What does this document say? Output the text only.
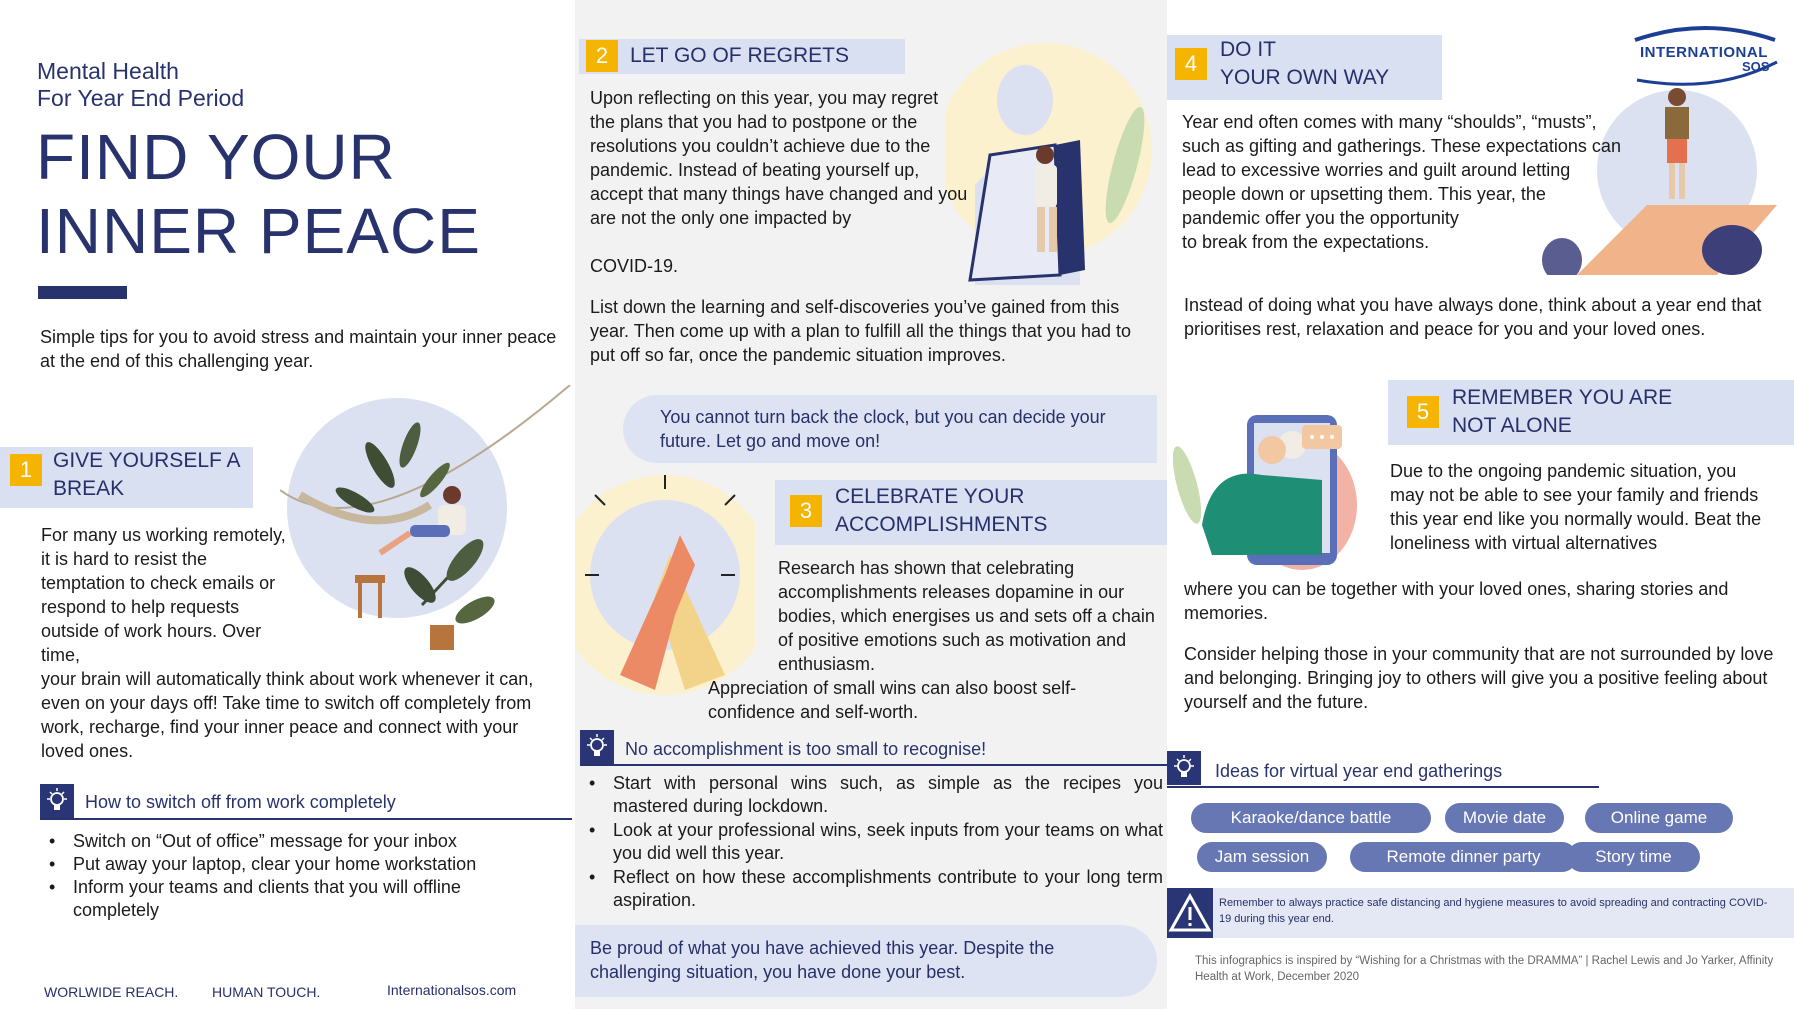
Mental Health
For Year End Period
FIND YOUR
INNER PEACE
Simple tips for you to avoid stress and maintain your inner peace at the end of this challenging year.
1 GIVE YOURSELF A
BREAK
For many us working remotely,
it is hard to resist the
temptation to check emails or
respond to help requests
outside of work hours. Over
time,
your brain will automatically think about work whenever it can, even on your days off! Take time to switch off completely from work, recharge, find your inner peace and connect with your loved ones.
How to switch off from work completely
• Switch on “Out of office” message for your inbox
• Put away your laptop, clear your home workstation
• Inform your teams and clients that you will offline completely
WORLWIDE REACH. HUMAN TOUCH.	Internationalsos.com
2	LET GO OF REGRETS
Upon reflecting on this year, you may regret
the plans that you had to postpone or the
resolutions you couldn’t achieve due to the
pandemic. Instead of beating yourself up,
accept that many things have changed and you
are not the only one impacted by
COVID-19.
List down the learning and self-discoveries you’ve gained from this year. Then come up with a plan to fulfill all the things that you had to put off so far, once the pandemic situation improves.
You cannot turn back the clock, but you can decide your future. Let go and move on!
3
CELEBRATE YOUR
ACCOMPLISHMENTS
Research has shown that celebrating accomplishments releases dopamine in our bodies, which energises us and sets off a chain of positive emotions such as motivation and enthusiasm.
Appreciation of small wins can also boost self-confidence and self-worth.
No accomplishment is too small to recognise!
• Start with personal wins such, as simple as the recipes you mastered during lockdown.
• Look at your professional wins, seek inputs from your teams on what you did well this year.
• Reflect on how these accomplishments contribute to your long term aspiration.
Be proud of what you have achieved this year. Despite the challenging situation, you have done your best.
INTERNATIONAL
SOS
4
DO IT
YOUR OWN WAY
Year end often comes with many “shoulds”, “musts”,
such as gifting and gatherings. These expectations can
lead to excessive worries and guilt around letting
people down or upsetting them. This year, the
pandemic offer you the opportunity
to break from the expectations.
Instead of doing what you have always done, think about a year end that prioritises rest, relaxation and peace for you and your loved ones.
5
REMEMBER YOU ARE
NOT ALONE
Due to the ongoing pandemic situation, you
may not be able to see your family and friends
this year end like you normally would. Beat the
loneliness with virtual alternatives
where you can be together with your loved ones, sharing stories and memories.
Consider helping those in your community that are not surrounded by love and belonging. Bringing joy to others will give you a positive feeling about yourself and the future.
Ideas for virtual year end gatherings
Karaoke/dance battle	Movie date	Online game
Jam session	Remote dinner party	Story time
Remember to always practice safe distancing and hygiene measures to avoid spreading and contracting COVID-19 during this year end.
This infographics is inspired by “Wishing for a Christmas with the DRAMMA” | Rachel Lewis and Jo Yarker, Affinity Health at Work, December 2020
